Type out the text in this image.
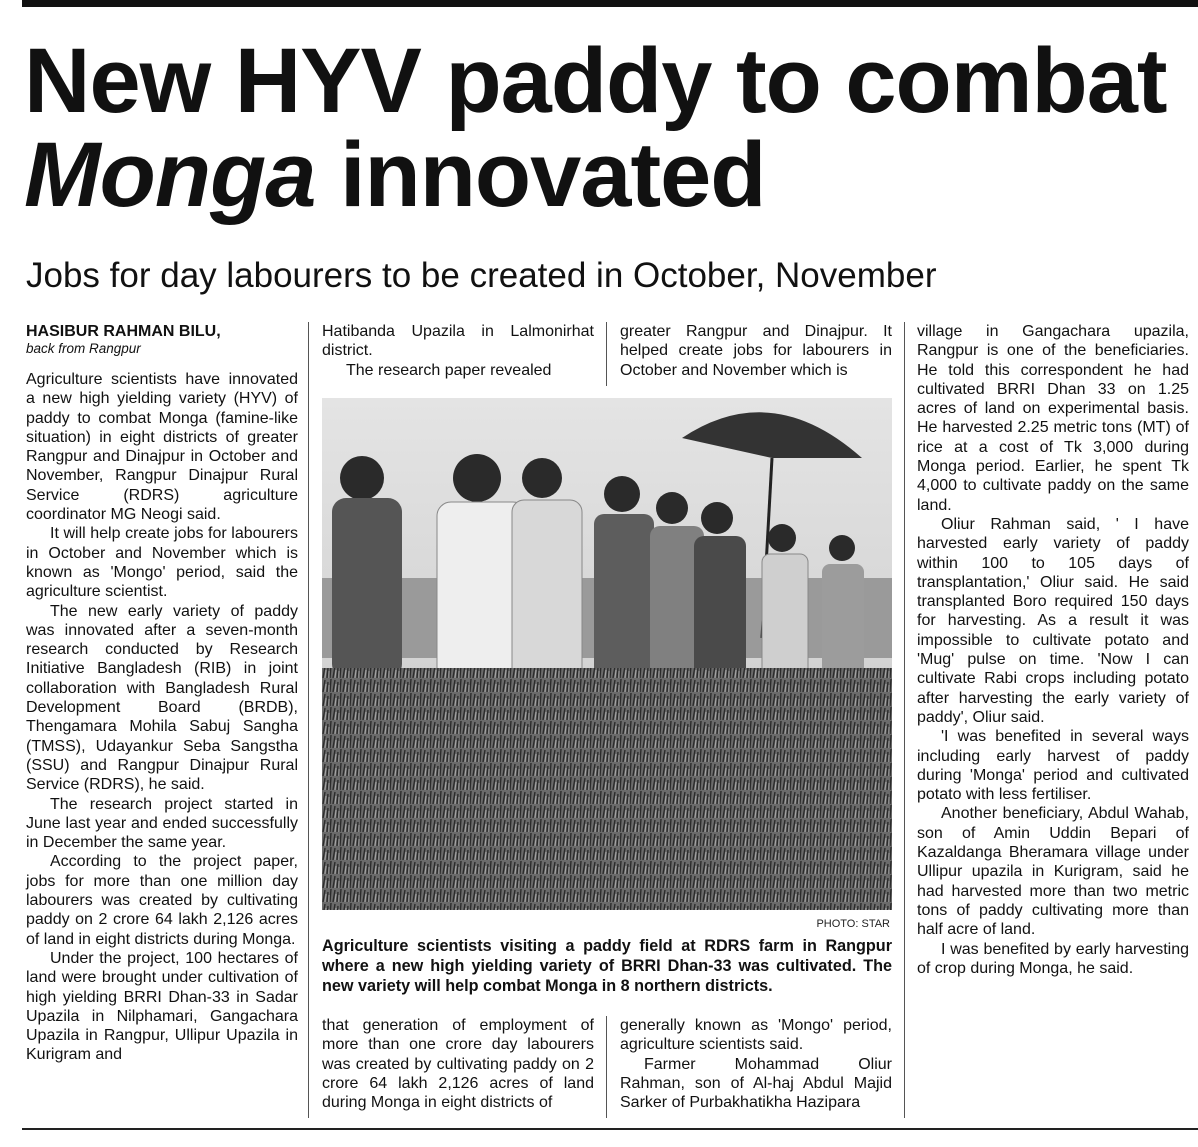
New HYV paddy to combat
Monga innovated

Jobs for day labourers to be created in October, November

HASIBUR RAHMAN BILU,

back from Rangpur

Agriculture scientists have innovated a new high yielding variety (HYV) of paddy to combat Monga (famine-like situation) in eight districts of greater Rangpur and Dinajpur in October and November, Rangpur Dinajpur Rural Service (RDRS) agriculture coordinator MG Neogi said.

It will help create jobs for labourers in October and November which is known as 'Mongo' period, said the agriculture scientist.

The new early variety of paddy was innovated after a seven-month research conducted by Research Initiative Bangladesh (RIB) in joint collaboration with Bangladesh Rural Development Board (BRDB), Thengamara Mohila Sabuj Sangha (TMSS), Udayankur Seba Sangstha (SSU) and Rangpur Dinajpur Rural Service (RDRS), he said.

The research project started in June last year and ended successfully in December the same year.

According to the project paper, jobs for more than one million day labourers was created by cultivating paddy on 2 crore 64 lakh 2,126 acres of land in eight districts during Monga.

Under the project, 100 hectares of land were brought under cultivation of high yielding BRRI Dhan-33 in Sadar Upazila in Nilphamari, Gangachara Upazila in Rangpur, Ullipur Upazila in Kurigram and

Hatibanda Upazila in Lalmonirhat district.

The research paper revealed

greater Rangpur and Dinajpur. It helped create jobs for labourers in October and November which is

PHOTO: STAR
Agriculture scientists visiting a paddy field at RDRS farm in Rangpur where a new high yielding variety of BRRI Dhan-33 was cultivated. The new variety will help combat Monga in 8 northern districts.

that generation of employment of more than one crore day labourers was created by cultivating paddy on 2 crore 64 lakh 2,126 acres of land during Monga in eight districts of

generally known as 'Mongo' period, agriculture scientists said.

Farmer Mohammad Oliur Rahman, son of Al-haj Abdul Majid Sarker of Purbakhatikha Hazipara

village in Gangachara upazila, Rangpur is one of the beneficiaries. He told this correspondent he had cultivated BRRI Dhan 33 on 1.25 acres of land on experimental basis. He harvested 2.25 metric tons (MT) of rice at a cost of Tk 3,000 during Monga period. Earlier, he spent Tk 4,000 to cultivate paddy on the same land.

Oliur Rahman said, ' I have harvested early variety of paddy within 100 to 105 days of transplantation,' Oliur said. He said transplanted Boro required 150 days for harvesting. As a result it was impossible to cultivate potato and 'Mug' pulse on time. 'Now I can cultivate Rabi crops including potato after harvesting the early variety of paddy', Oliur said.

'I was benefited in several ways including early harvest of paddy during 'Monga' period and cultivated potato with less fertiliser.

Another beneficiary, Abdul Wahab, son of Amin Uddin Bepari of Kazaldanga Bheramara village under Ullipur upazila in Kurigram, said he had harvested more than two metric tons of paddy cultivating more than half acre of land.

I was benefited by early harvesting of crop during Monga, he said.
